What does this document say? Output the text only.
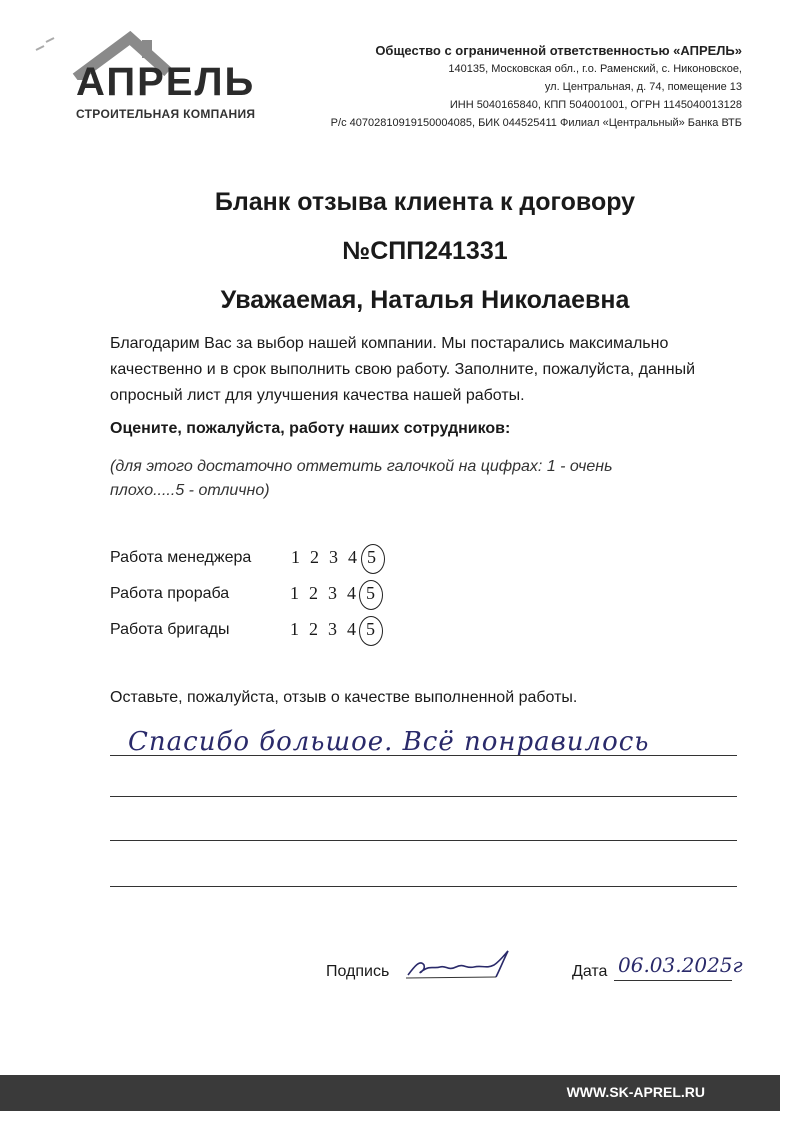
АПРЕЛЬ
СТРОИТЕЛЬНАЯ КОМПАНИЯ
Общество с ограниченной ответственностью «АПРЕЛЬ»
140135, Московская обл., г.о. Раменский, с. Никоновское,
ул. Центральная, д. 74, помещение 13
ИНН 5040165840, КПП 504001001, ОГРН 1145040013128
Р/с 40702810919150004085, БИК 044525411 Филиал «Центральный» Банка ВТБ
Бланк отзыва клиента к договору
№СПП241331
Уважаемая, Наталья Николаевна
Благодарим Вас за выбор нашей компании. Мы постарались максимально качественно и в срок выполнить свою работу. Заполните, пожалуйста, данный опросный лист для улучшения качества нашей работы.
Оцените, пожалуйста, работу наших сотрудников:
(для этого достаточно отметить галочкой на цифрах: 1 - очень плохо.....5 - отлично)
Работа менеджера 1 2 3 4 5
Работа прораба	1 2 3 4 5
Работа бригады	1 2 3 4 5
Оставьте, пожалуйста, отзыв о качестве выполненной работы.
Спасибо большое. Всё понравилось
Подпись	Дата 06.03.2025г
WWW.SK-APREL.RU
